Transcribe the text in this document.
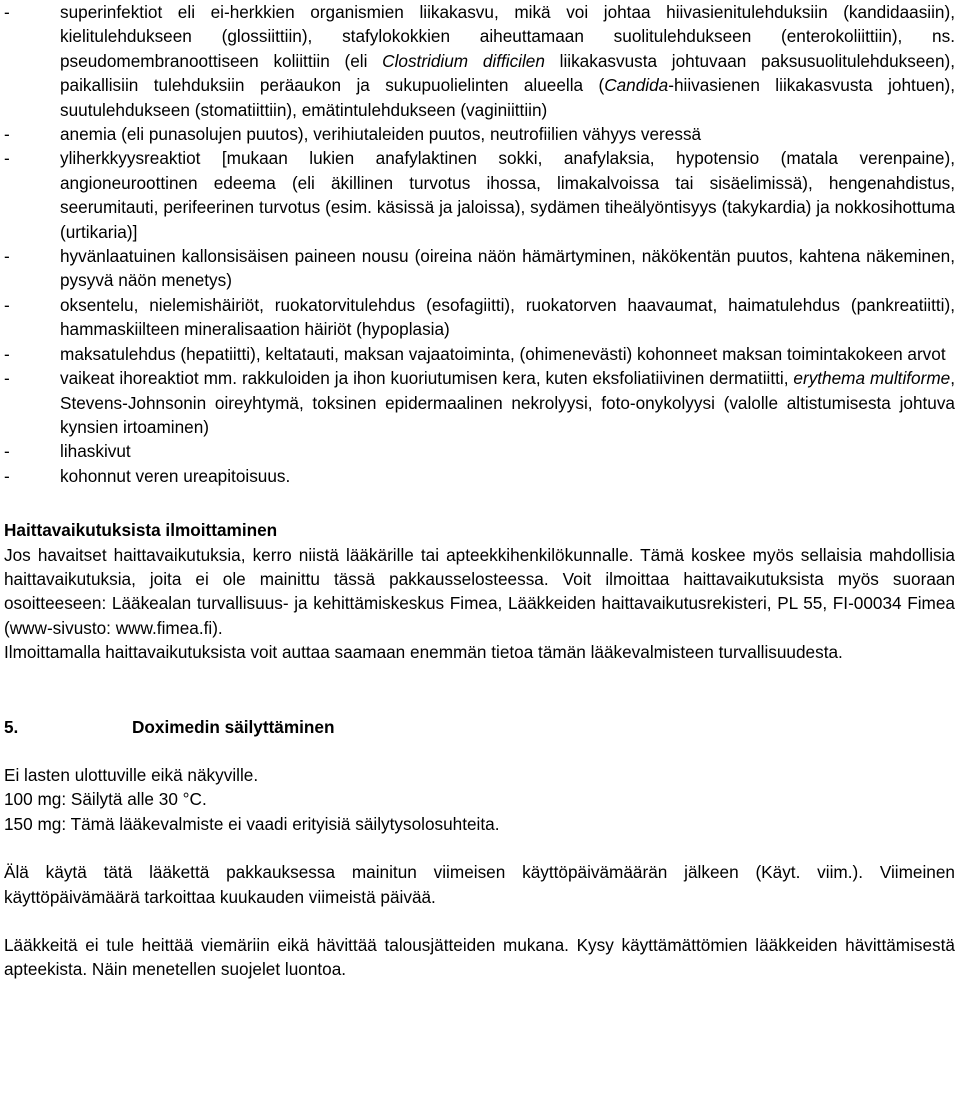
-	superinfektiot eli ei-herkkien organismien liikakasvu, mikä voi johtaa hiivasienitulehduksiin (kandidaasiin), kielitulehdukseen (glossiittiin), stafylokokkien aiheuttamaan suolitulehdukseen (enterokoliittiin), ns. pseudomembranoottiseen koliittiin (eli Clostridium difficilen liikakasvusta johtuvaan paksusuolitulehdukseen), paikallisiin tulehduksiin peräaukon ja sukupuolielinten alueella (Candida-hiivasienen liikakasvusta johtuen), suutulehdukseen (stomatiittiin), emätintulehdukseen (vaginiittiin)
-	anemia (eli punasolujen puutos), verihiutaleiden puutos, neutrofiilien vähyys veressä
-	yliherkkyysreaktiot [mukaan lukien anafylaktinen sokki, anafylaksia, hypotensio (matala verenpaine), angioneuroottinen edeema (eli äkillinen turvotus ihossa, limakalvoissa tai sisäelimissä), hengenahdistus, seerumitauti, perifeerinen turvotus (esim. käsissä ja jaloissa), sydämen tiheälyöntisyys (takykardia) ja nokkosihottuma (urtikaria)]
-	hyvänlaatuinen kallonsisäisen paineen nousu (oireina näön hämärtyminen, näkökentän puutos, kahtena näkeminen, pysyvä näön menetys)
-	oksentelu, nielemishäiriöt, ruokatorvitulehdus (esofagiitti), ruokatorven haavaumat, haimatulehdus (pankreatiitti), hammaskiilteen mineralisaation häiriöt (hypoplasia)
-	maksatulehdus (hepatiitti), keltatauti, maksan vajaatoiminta, (ohimenevästi) kohonneet maksan toimintakokeen arvot
-	vaikeat ihoreaktiot mm. rakkuloiden ja ihon kuoriutumisen kera, kuten eksfoliatiivinen dermatiitti, erythema multiforme, Stevens-Johnsonin oireyhtymä, toksinen epidermaalinen nekrolyysi, foto-onykolyysi (valolle altistumisesta johtuva kynsien irtoaminen)
-	lihaskivut
-	kohonnut veren ureapitoisuus.
Haittavaikutuksista ilmoittaminen
Jos havaitset haittavaikutuksia, kerro niistä lääkärille tai apteekkihenkilökunnalle. Tämä koskee myös sellaisia mahdollisia haittavaikutuksia, joita ei ole mainittu tässä pakkausselosteessa. Voit ilmoittaa haittavaikutuksista myös suoraan osoitteeseen: Lääkealan turvallisuus- ja kehittämiskeskus Fimea, Lääkkeiden haittavaikutusrekisteri, PL 55, FI-00034 Fimea (www-sivusto: www.fimea.fi).
Ilmoittamalla haittavaikutuksista voit auttaa saamaan enemmän tietoa tämän lääkevalmisteen turvallisuudesta.
5.	Doximedin säilyttäminen
Ei lasten ulottuville eikä näkyville.
100 mg: Säilytä alle 30 °C.
150 mg: Tämä lääkevalmiste ei vaadi erityisiä säilytysolosuhteita.
Älä käytä tätä lääkettä pakkauksessa mainitun viimeisen käyttöpäivämäärän jälkeen (Käyt. viim.). Viimeinen käyttöpäivämäärä tarkoittaa kuukauden viimeistä päivää.
Lääkkeitä ei tule heittää viemäriin eikä hävittää talousjätteiden mukana. Kysy käyttämättömien lääkkeiden hävittämisestä apteekista. Näin menetellen suojelet luontoa.
